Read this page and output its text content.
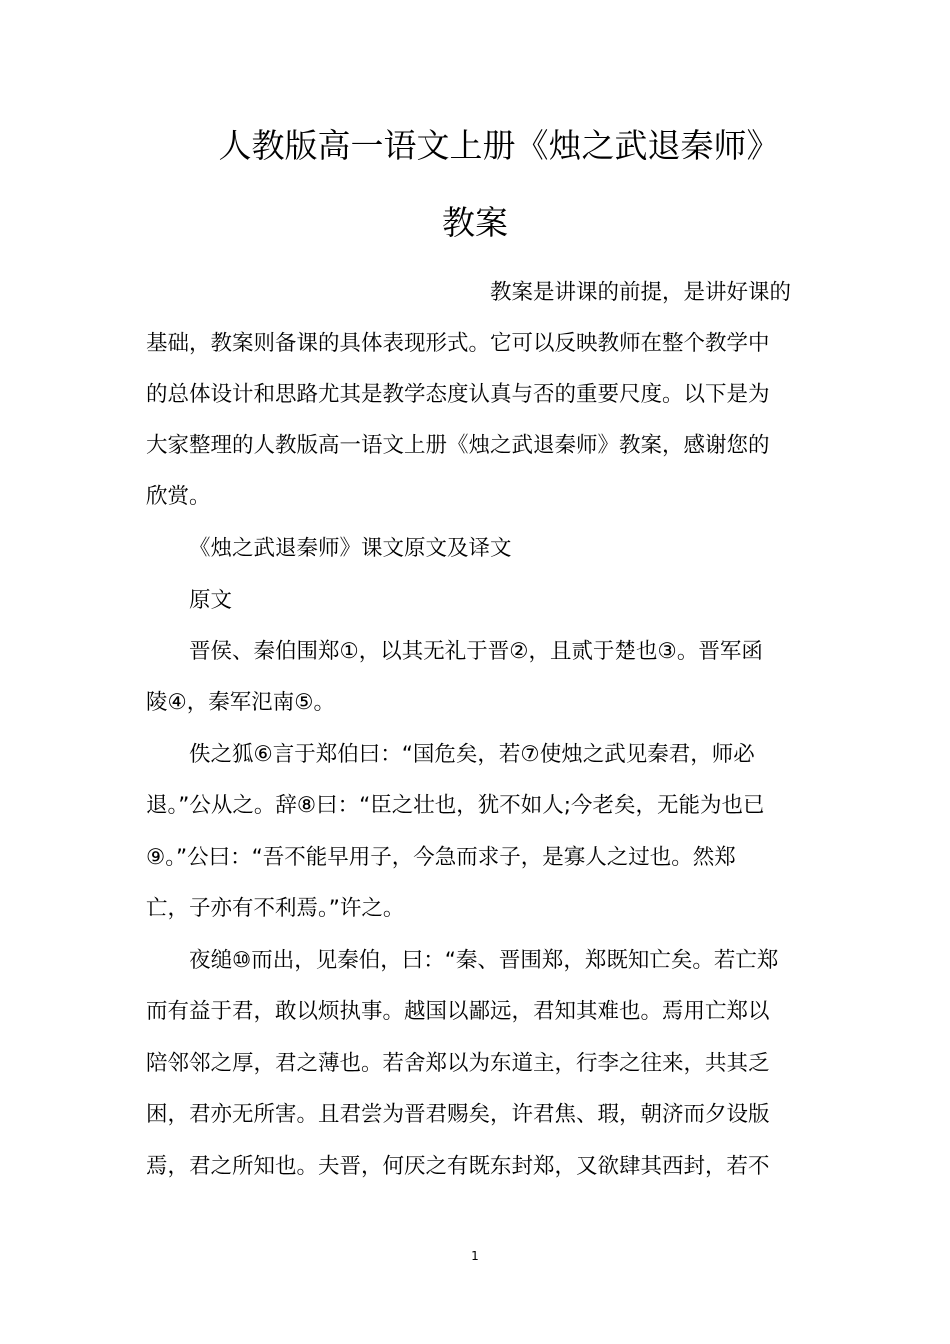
人教版高一语文上册《烛之武退秦师》
教案
教案是讲课的前提，是讲好课的
基础，教案则备课的具体表现形式。它可以反映教师在整个教学中
的总体设计和思路尤其是教学态度认真与否的重要尺度。以下是为
大家整理的人教版高一语文上册《烛之武退秦师》教案，感谢您的
欣赏。
《烛之武退秦师》课文原文及译文
原文
晋侯、秦伯围郑①，以其无礼于晋②，且贰于楚也③。晋军函
陵④，秦军氾南⑤。
佚之狐⑥言于郑伯曰：“国危矣，若⑦使烛之武见秦君，师必
退。”公从之。辞⑧曰：“臣之壮也，犹不如人;今老矣，无能为也已
⑨。”公曰：“吾不能早用子，今急而求子，是寡人之过也。然郑
亡，子亦有不利焉。”许之。
夜缒⑩而出，见秦伯，曰：“秦、晋围郑，郑既知亡矣。若亡郑
而有益于君，敢以烦执事。越国以鄙远，君知其难也。焉用亡郑以
陪邻邻之厚，君之薄也。若舍郑以为东道主，行李之往来，共其乏
困，君亦无所害。且君尝为晋君赐矣，许君焦、瑕，朝济而夕设版
焉，君之所知也。夫晋，何厌之有既东封郑，又欲肆其西封，若不
1
